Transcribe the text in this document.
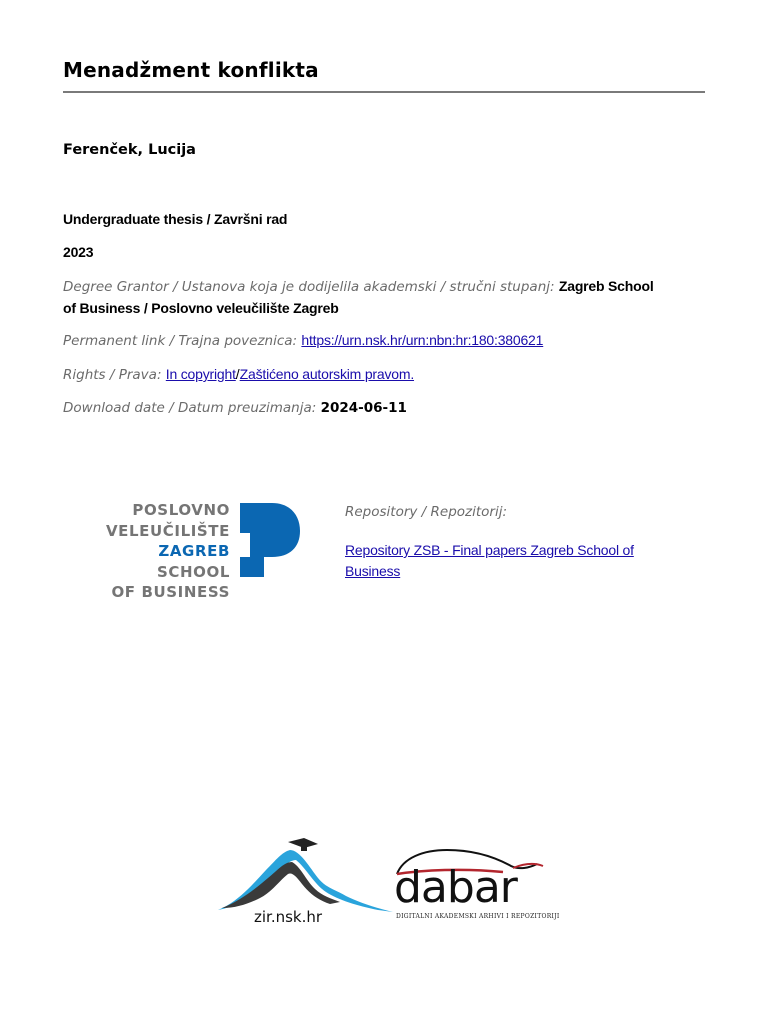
Menadžment konflikta
Ferenček, Lucija
Undergraduate thesis / Završni rad
2023
Degree Grantor / Ustanova koja je dodijelila akademski / stručni stupanj: Zagreb School
of Business / Poslovno veleučilište Zagreb
Permanent link / Trajna poveznica: https://urn.nsk.hr/urn:nbn:hr:180:380621
Rights / Prava: In copyright/Zaštićeno autorskim pravom.
Download date / Datum preuzimanja: 2024-06-11
POSLOVNO
VELEUČILIŠTE
ZAGREB SCHOOL
OF BUSINESS
Repository / Repozitorij:
Repository ZSB - Final papers Zagreb School of Business
zir.nsk.hr
dabar
DIGITALNI AKADEMSKI ARHIVI I REPOZITORIJI
